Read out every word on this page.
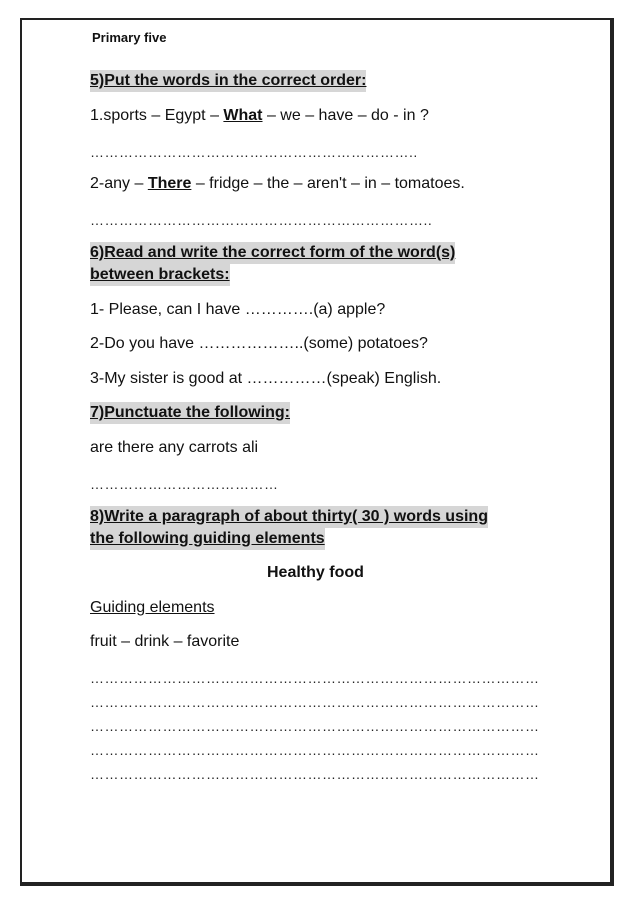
Primary five
5)Put the words in the correct order:
1.sports – Egypt – What – we – have – do - in ?
…………………………………………………………..
2-any – There – fridge – the – aren't – in – tomatoes.
……………………………………………………………..
6)Read and write the correct form of the word(s)
between brackets:
1- Please, can I have ………….(a) apple?
2-Do you have ………………..(some) potatoes?
3-My sister is good at ……………(speak) English.
7)Punctuate the following:
are there any carrots ali
…………………………………
8)Write a paragraph of about thirty( 30 ) words using
the following guiding elements
Healthy food
Guiding elements
fruit – drink – favorite
…………………………………………………………………………………
…………………………………………………………………………………
…………………………………………………………………………………
…………………………………………………………………………………
…………………………………………………………………………………
